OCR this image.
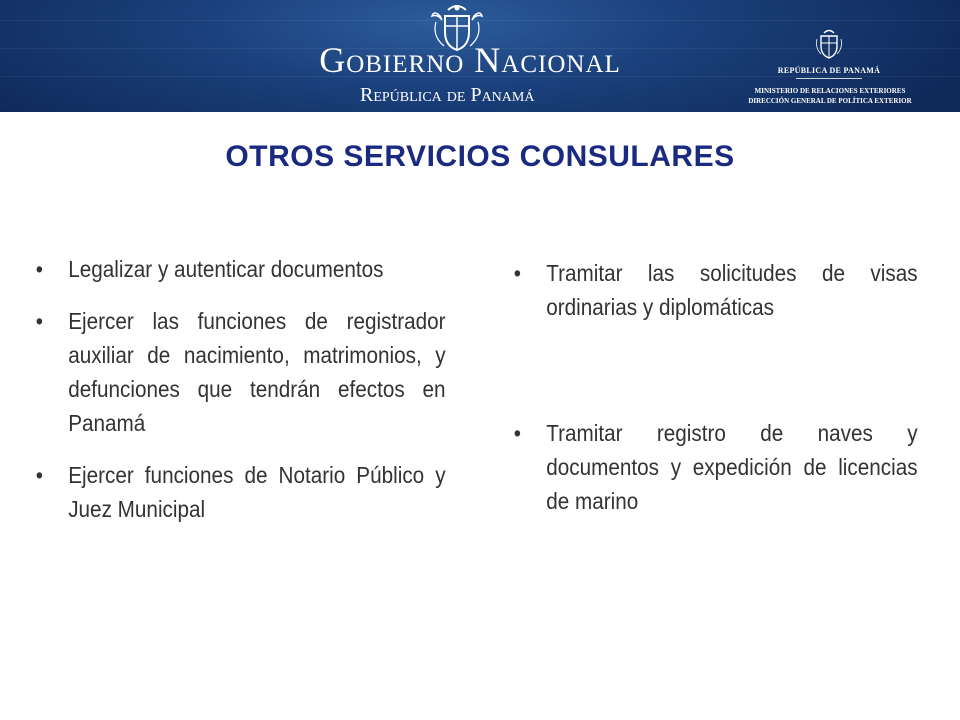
Gobierno Nacional
República de Panamá
REPÚBLICA DE PANAMÁ
MINISTERIO DE RELACIONES EXTERIORES
DIRECCIÓN GENERAL DE POLÍTICA EXTERIOR
OTROS SERVICIOS CONSULARES
• Legalizar y autenticar documentos
• Ejercer las funciones de registrador auxiliar de nacimiento, matrimonios, y defunciones que tendrán efectos en Panamá
• Ejercer funciones de Notario Público y Juez Municipal
• Tramitar las solicitudes de visas ordinarias y diplomáticas
• Tramitar registro de naves y documentos y expedición de licencias de marino
